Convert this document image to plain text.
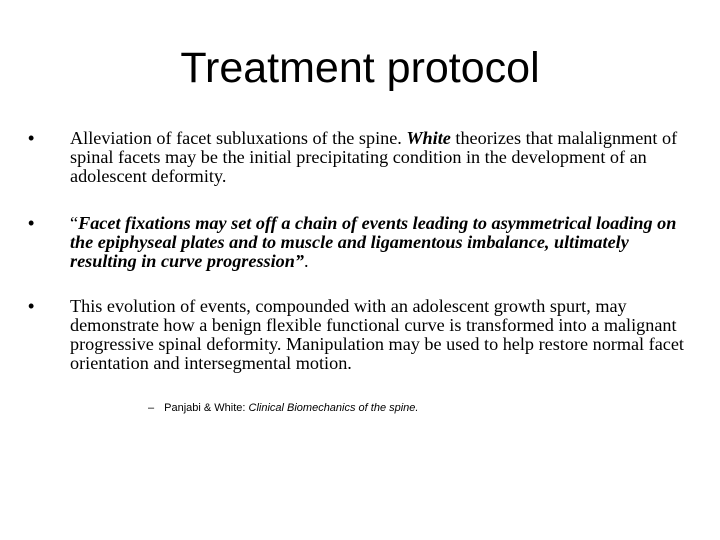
Treatment protocol
•	Alleviation of facet subluxations of the spine. White theorizes that malalignment of spinal facets may be the initial precipitating condition in the development of an adolescent deformity.
•	“Facet fixations may set off a chain of events leading to asymmetrical loading on the epiphyseal plates and to muscle and ligamentous imbalance, ultimately resulting in curve progression”.
•	This evolution of events, compounded with an adolescent growth spurt, may demonstrate how a benign flexible functional curve is transformed into a malignant progressive spinal deformity. Manipulation may be used to help restore normal facet orientation and intersegmental motion.
– Panjabi & White: Clinical Biomechanics of the spine.
